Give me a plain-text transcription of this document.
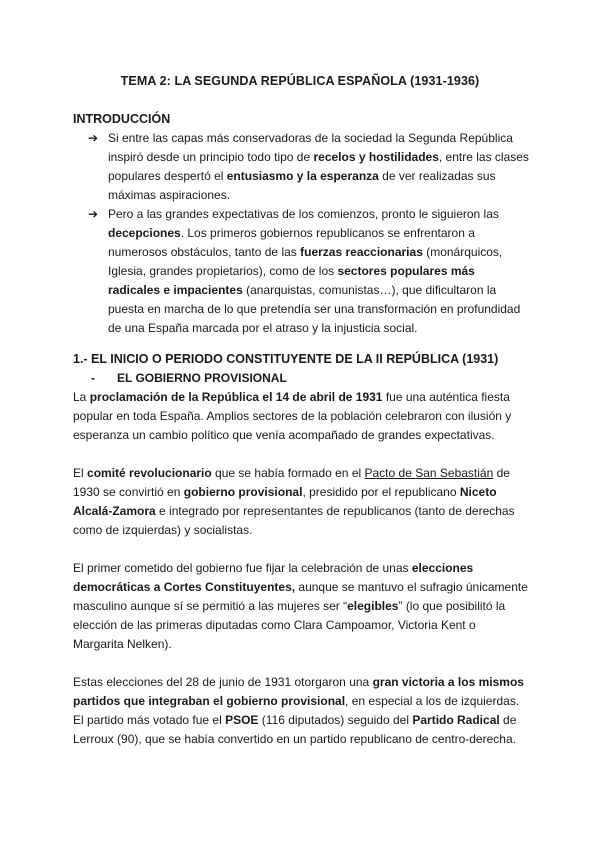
TEMA 2: LA SEGUNDA REPÚBLICA ESPAÑOLA (1931-1936)
INTRODUCCIÓN
➔ Si entre las capas más conservadoras de la sociedad la Segunda República inspiró desde un principio todo tipo de recelos y hostilidades, entre las clases populares despertó el entusiasmo y la esperanza de ver realizadas sus máximas aspiraciones.
➔ Pero a las grandes expectativas de los comienzos, pronto le siguieron las decepciones. Los primeros gobiernos republicanos se enfrentaron a numerosos obstáculos, tanto de las fuerzas reaccionarias (monárquicos, Iglesia, grandes propietarios), como de los sectores populares más radicales e impacientes (anarquistas, comunistas…), que dificultaron la puesta en marcha de lo que pretendía ser una transformación en profundidad de una España marcada por el atraso y la injusticia social.
1.- EL INICIO O PERIODO CONSTITUYENTE DE LA II REPÚBLICA (1931)
- EL GOBIERNO PROVISIONAL

La proclamación de la República el 14 de abril de 1931 fue una auténtica fiesta popular en toda España. Amplios sectores de la población celebraron con ilusión y esperanza un cambio político que venía acompañado de grandes expectativas.

El comité revolucionario que se había formado en el Pacto de San Sebastián de 1930 se convirtió en gobierno provisional, presidido por el republicano Niceto Alcalá-Zamora e integrado por representantes de republicanos (tanto de derechas como de izquierdas) y socialistas.

El primer cometido del gobierno fue fijar la celebración de unas elecciones democráticas a Cortes Constituyentes, aunque se mantuvo el sufragio únicamente masculino aunque sí se permitió a las mujeres ser “elegibles” (lo que posibilitó la elección de las primeras diputadas como Clara Campoamor, Victoria Kent o Margarita Nelken).

Estas elecciones del 28 de junio de 1931 otorgaron una gran victoria a los mismos partidos que integraban el gobierno provisional, en especial a los de izquierdas. El partido más votado fue el PSOE (116 diputados) seguido del Partido Radical de Lerroux (90), que se había convertido en un partido republicano de centro-derecha.
